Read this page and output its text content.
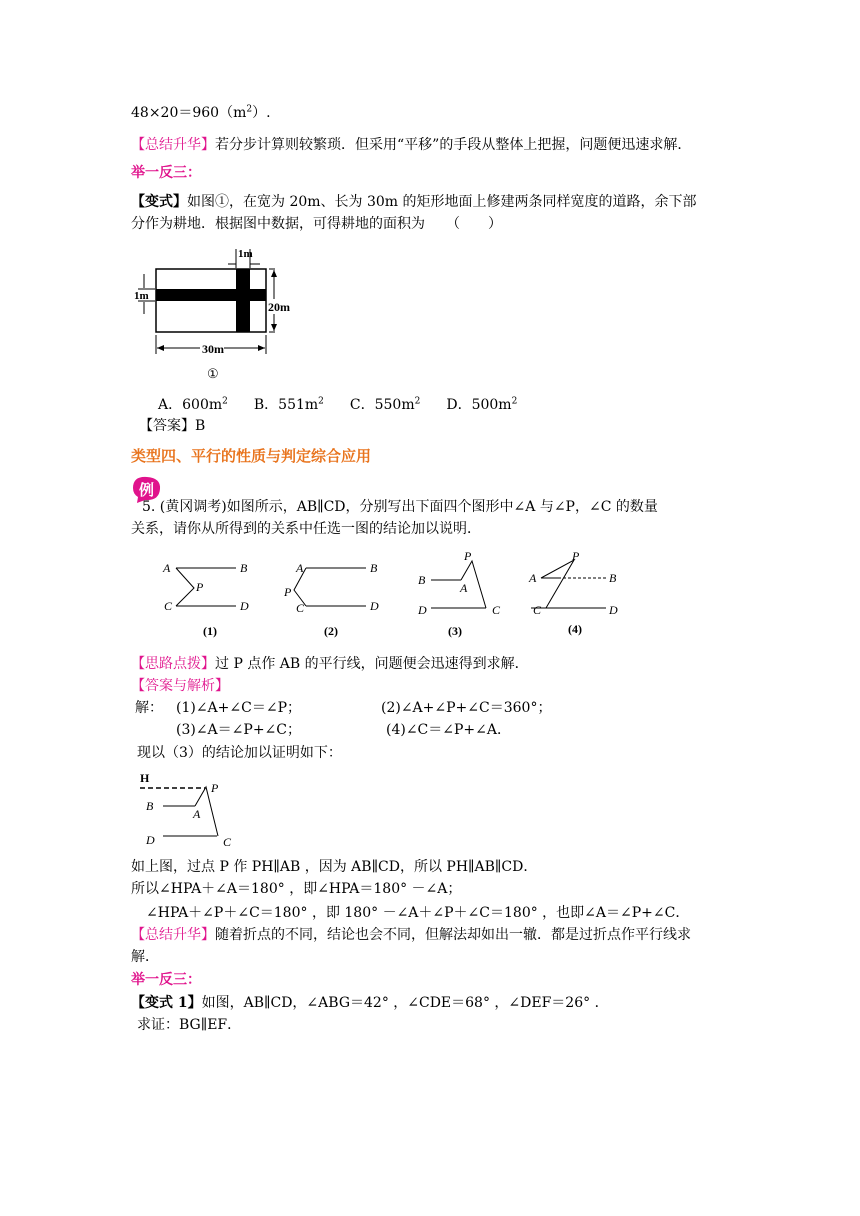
$48\times 20=960(m^2)$.
【总结升华】若分步计算则较繁琐．但采用“平移”的手段从整体上把握，问题便迅速求解．
举一反三：
【变式】如图①，在宽为 20m、长为 30m 的矩形地面上修建两条同样宽度的道路，余下部
分作为耕地．根据图中数据，可得耕地的面积为　　（　　）
1m
1m
20m
30m
①
A．$600m^2$ B．$551m^2$ C．$550m^2$ D．$500m^2$
【答案】B
类型四、平行的性质与判定综合应用
例
5. (黄冈调考)如图所示，AB∥CD，分别写出下面四个图形中∠A 与∠P，∠C 的数量
关系，请你从所得到的关系中任选一图的结论加以说明．
A	B
C	D
P
A	B
P
C	D
B
P
A
D	C
A
P
B
C	D
(1)	(2)	(3)	(4)
【思路点拨】过 P 点作 AB 的平行线，问题便会迅速得到求解．
【答案与解析】
解： (1)∠A+∠C＝∠P；	(2)∠A+∠P+∠C＝360°；
(3)∠A＝∠P+∠C；	(4)∠C＝∠P+∠A．
现以（3）的结论加以证明如下：
H
P
B
A
D	C
如上图，过点 P 作 PH∥AB ，因为 AB∥CD，所以 PH∥AB∥CD．
所以∠HPA＋∠A＝180° ，即∠HPA＝180° －∠A；
∠HPA＋∠P＋∠C＝180° ，即 180° －∠A＋∠P＋∠C＝180° ，也即∠A＝∠P+∠C．
【总结升华】随着折点的不同，结论也会不同，但解法却如出一辙．都是过折点作平行线求
解．
举一反三：
【变式 1】如图，AB∥CD，∠ABG＝42° ，∠CDE＝68° ，∠DEF＝26° ．
求证：BG∥EF．
